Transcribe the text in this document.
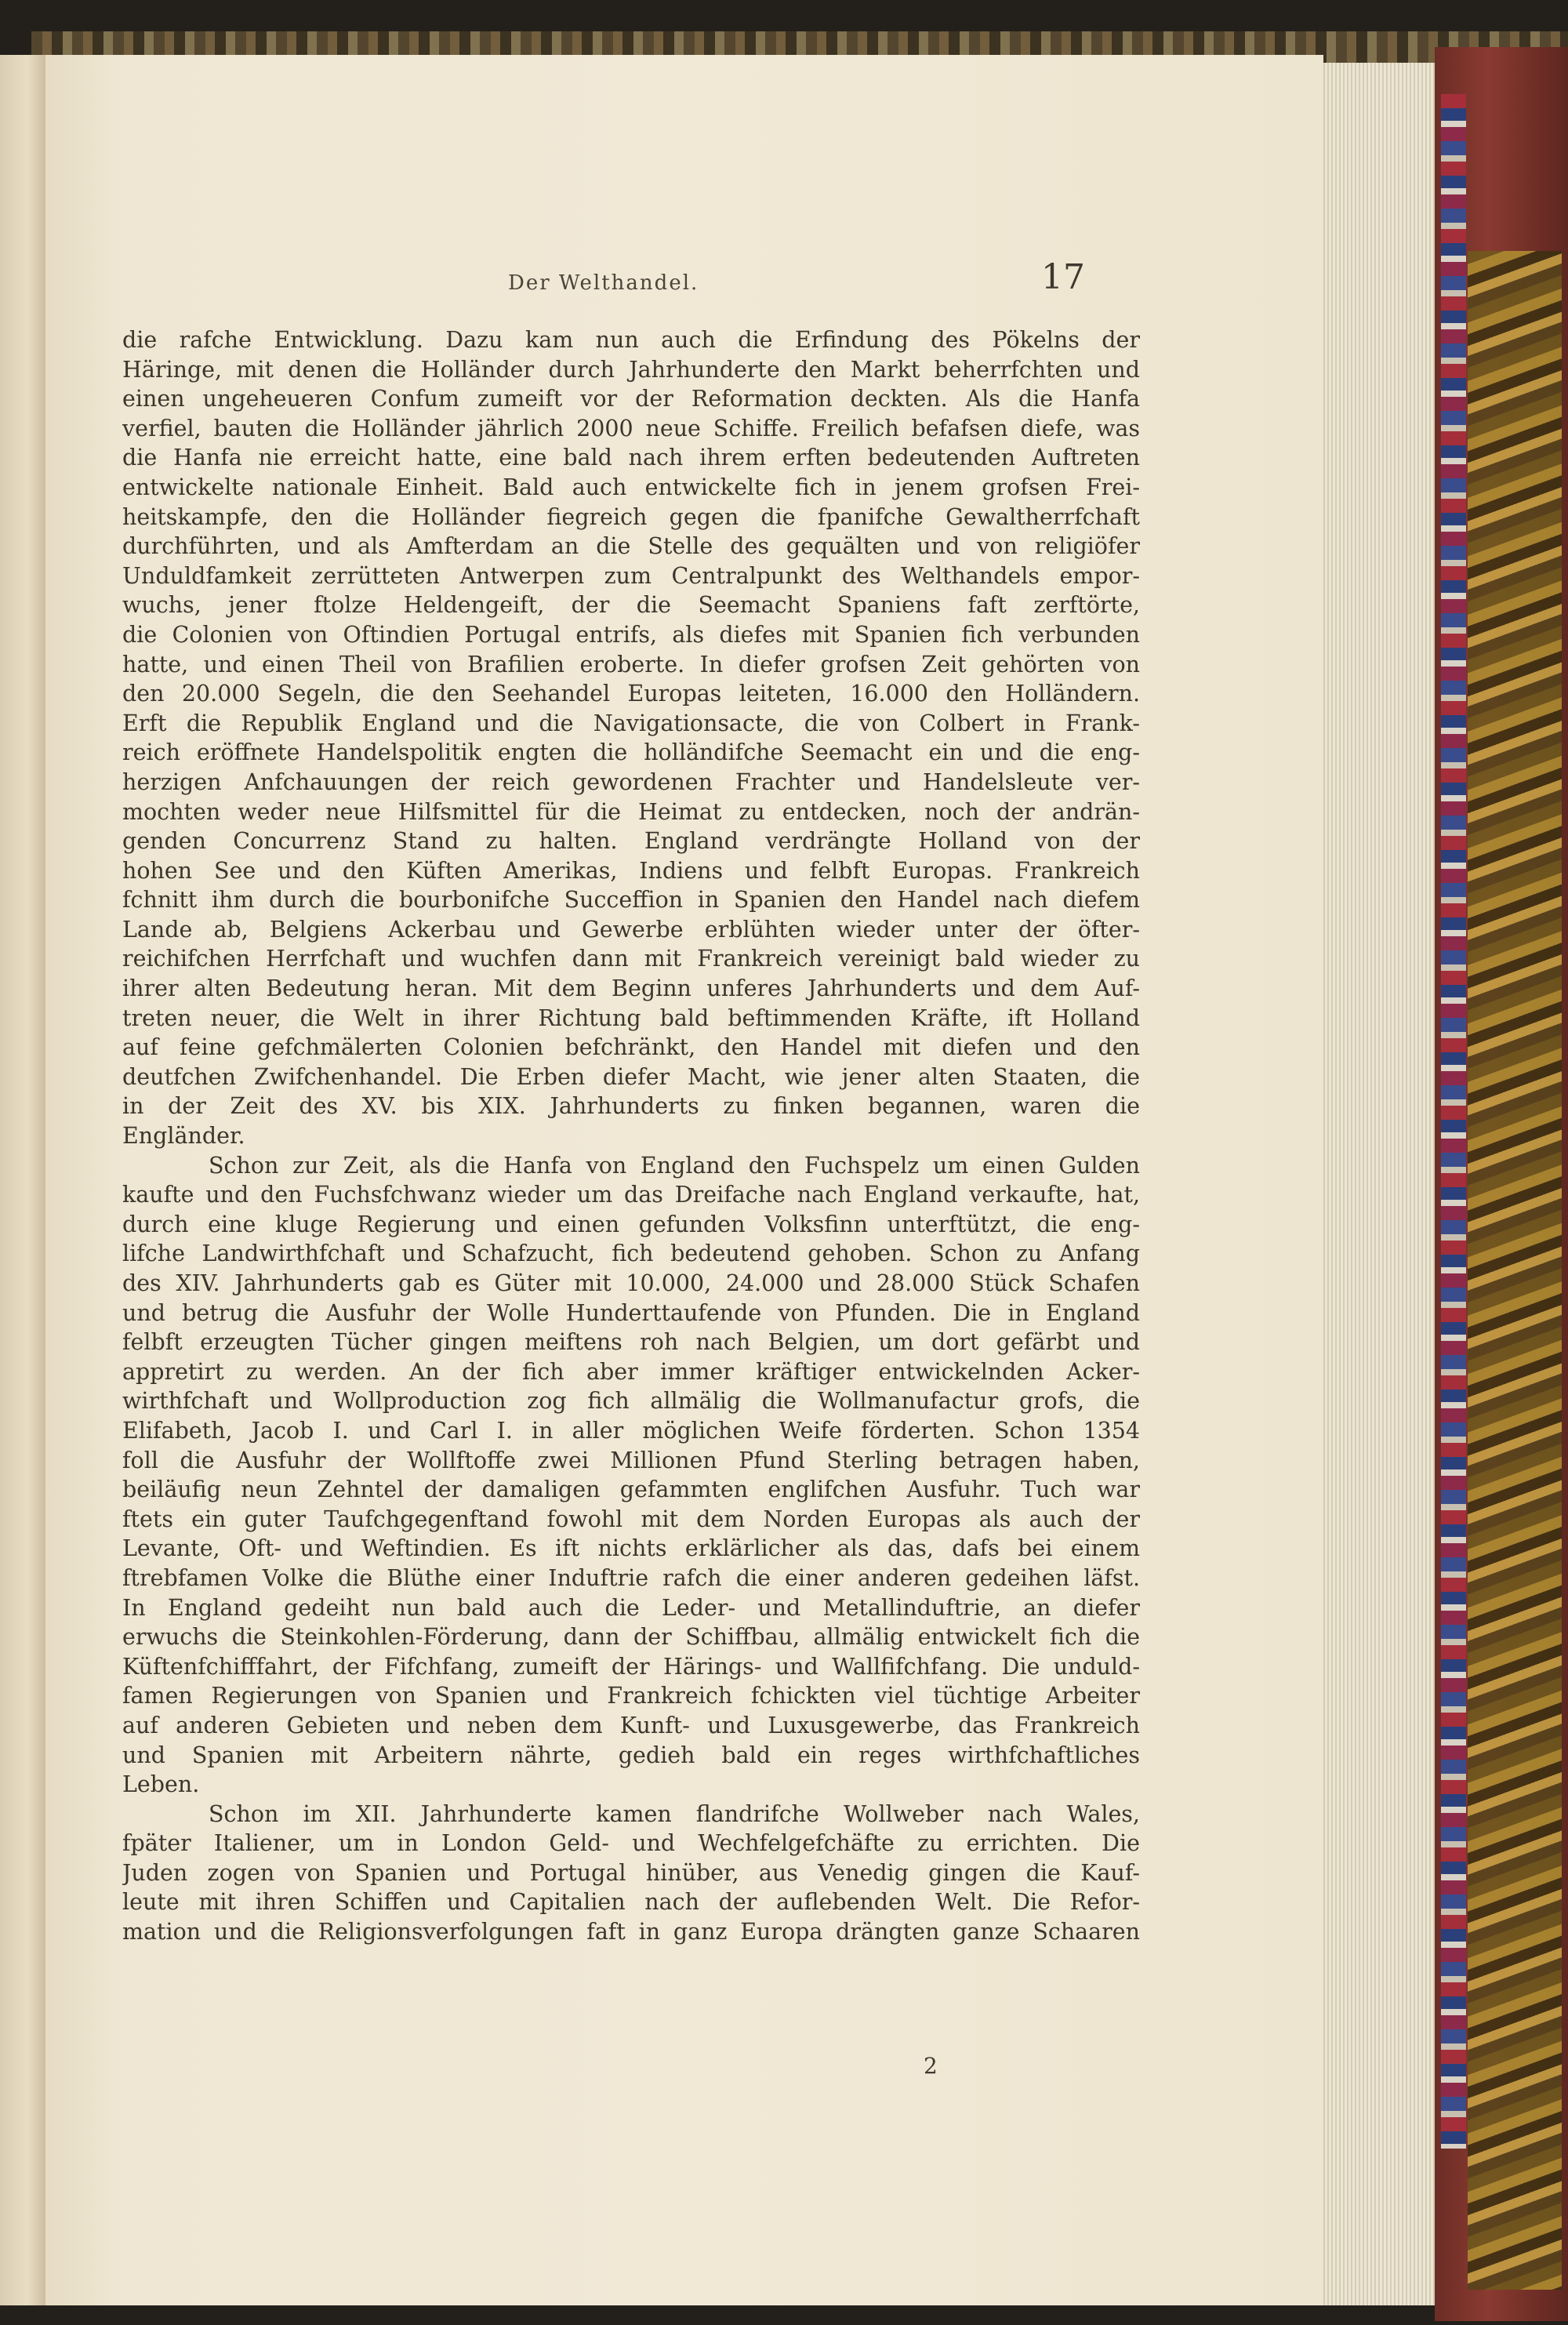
Der Welthandel.	17
die rafche Entwicklung. Dazu kam nun auch die Erfindung des Pökelns der
Häringe, mit denen die Holländer durch Jahrhunderte den Markt beherrfchten und
einen ungeheueren Confum zumeift vor der Reformation deckten. Als die Hanfa
verfiel, bauten die Holländer jährlich 2000 neue Schiffe. Freilich befafsen diefe, was
die Hanfa nie erreicht hatte, eine bald nach ihrem erften bedeutenden Auftreten
entwickelte nationale Einheit. Bald auch entwickelte fich in jenem grofsen Frei-
heitskampfe, den die Holländer fiegreich gegen die fpanifche Gewaltherrfchaft
durchführten, und als Amfterdam an die Stelle des gequälten und von religiöfer
Unduldfamkeit zerrütteten Antwerpen zum Centralpunkt des Welthandels empor-
wuchs, jener ftolze Heldengeift, der die Seemacht Spaniens faft zerftörte,
die Colonien von Oftindien Portugal entrifs, als diefes mit Spanien fich verbunden
hatte, und einen Theil von Brafilien eroberte. In diefer grofsen Zeit gehörten von
den 20.000 Segeln, die den Seehandel Europas leiteten, 16.000 den Holländern.
Erft die Republik England und die Navigationsacte, die von Colbert in Frank-
reich eröffnete Handelspolitik engten die holländifche Seemacht ein und die eng-
herzigen Anfchauungen der reich gewordenen Frachter und Handelsleute ver-
mochten weder neue Hilfsmittel für die Heimat zu entdecken, noch der andrän-
genden Concurrenz Stand zu halten. England verdrängte Holland von der
hohen See und den Küften Amerikas, Indiens und felbft Europas. Frankreich
fchnitt ihm durch die bourbonifche Succeffion in Spanien den Handel nach diefem
Lande ab, Belgiens Ackerbau und Gewerbe erblühten wieder unter der öfter-
reichifchen Herrfchaft und wuchfen dann mit Frankreich vereinigt bald wieder zu
ihrer alten Bedeutung heran. Mit dem Beginn unferes Jahrhunderts und dem Auf-
treten neuer, die Welt in ihrer Richtung bald beftimmenden Kräfte, ift Holland
auf feine gefchmälerten Colonien befchränkt, den Handel mit diefen und den
deutfchen Zwifchenhandel. Die Erben diefer Macht, wie jener alten Staaten, die
in der Zeit des XV. bis XIX. Jahrhunderts zu finken begannen, waren die
Engländer.
Schon zur Zeit, als die Hanfa von England den Fuchspelz um einen Gulden
kaufte und den Fuchsfchwanz wieder um das Dreifache nach England verkaufte, hat,
durch eine kluge Regierung und einen gefunden Volksfinn unterftützt, die eng-
lifche Landwirthfchaft und Schafzucht, fich bedeutend gehoben. Schon zu Anfang
des XIV. Jahrhunderts gab es Güter mit 10.000, 24.000 und 28.000 Stück Schafen
und betrug die Ausfuhr der Wolle Hunderttaufende von Pfunden. Die in England
felbft erzeugten Tücher gingen meiftens roh nach Belgien, um dort gefärbt und
appretirt zu werden. An der fich aber immer kräftiger entwickelnden Acker-
wirthfchaft und Wollproduction zog fich allmälig die Wollmanufactur grofs, die
Elifabeth, Jacob I. und Carl I. in aller möglichen Weife förderten. Schon 1354
foll die Ausfuhr der Wollftoffe zwei Millionen Pfund Sterling betragen haben,
beiläufig neun Zehntel der damaligen gefammten englifchen Ausfuhr. Tuch war
ftets ein guter Taufchgegenftand fowohl mit dem Norden Europas als auch der
Levante, Oft- und Weftindien. Es ift nichts erklärlicher als das, dafs bei einem
ftrebfamen Volke die Blüthe einer Induftrie rafch die einer anderen gedeihen läfst.
In England gedeiht nun bald auch die Leder- und Metallinduftrie, an diefer
erwuchs die Steinkohlen-Förderung, dann der Schiffbau, allmälig entwickelt fich die
Küftenfchifffahrt, der Fifchfang, zumeift der Härings- und Wallfifchfang. Die unduld-
famen Regierungen von Spanien und Frankreich fchickten viel tüchtige Arbeiter
auf anderen Gebieten und neben dem Kunft- und Luxusgewerbe, das Frankreich
und Spanien mit Arbeitern nährte, gedieh bald ein reges wirthfchaftliches
Leben.
Schon im XII. Jahrhunderte kamen flandrifche Wollweber nach Wales,
fpäter Italiener, um in London Geld- und Wechfelgefchäfte zu errichten. Die
Juden zogen von Spanien und Portugal hinüber, aus Venedig gingen die Kauf-
leute mit ihren Schiffen und Capitalien nach der auflebenden Welt. Die Refor-
mation und die Religionsverfolgungen faft in ganz Europa drängten ganze Schaaren
2
